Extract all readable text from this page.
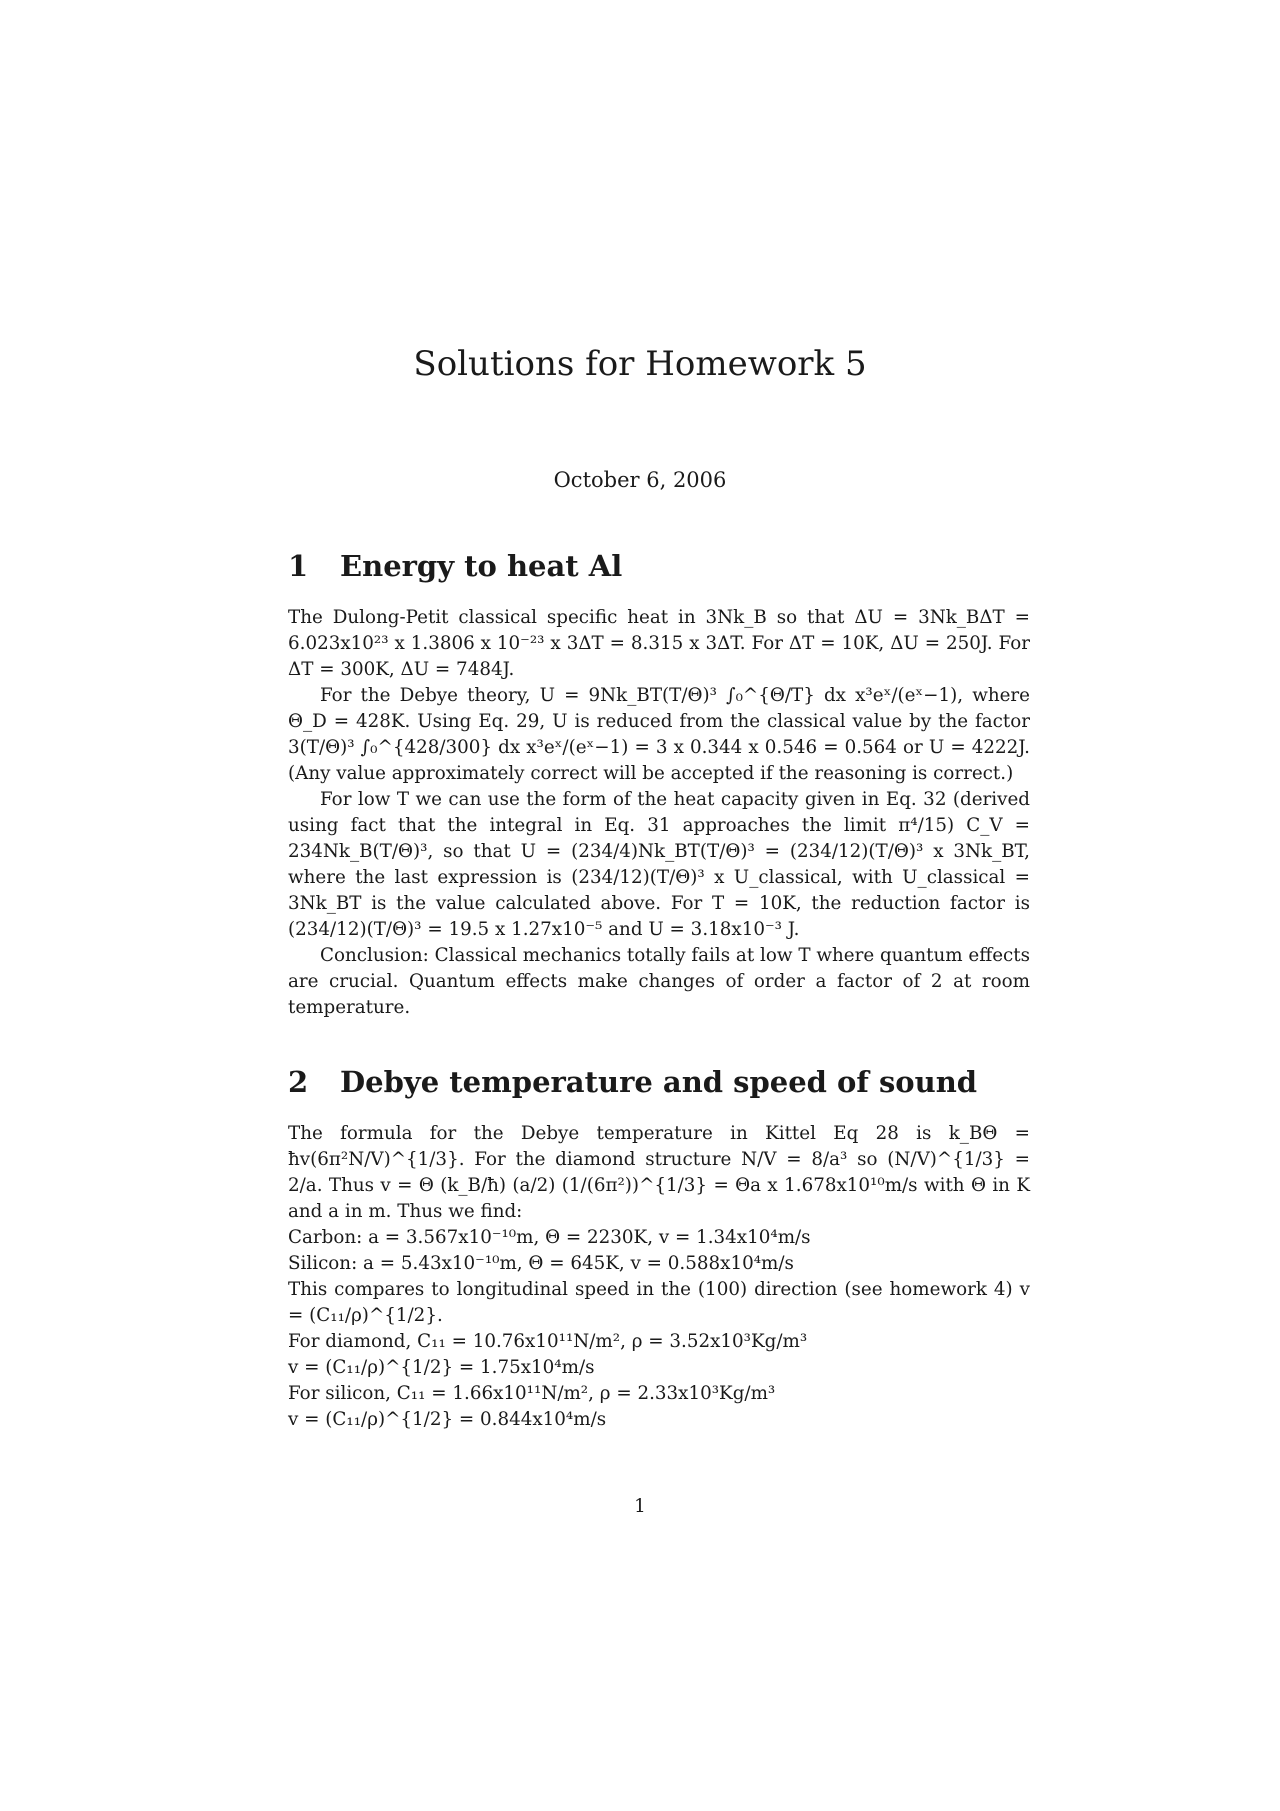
Solutions for Homework 5
October 6, 2006
1	Energy to heat Al

The Dulong-Petit classical specific heat in 3Nk_B so that ΔU = 3Nk_BΔT = 6.023x10²³ x 1.3806 x 10⁻²³ x 3ΔT = 8.315 x 3ΔT. For ΔT = 10K, ΔU = 250J. For ΔT = 300K, ΔU = 7484J.

For the Debye theory, U = 9Nk_BT(T/Θ)³ ∫₀^{Θ/T} dx x³eˣ/(eˣ−1), where Θ_D = 428K. Using Eq. 29, U is reduced from the classical value by the factor 3(T/Θ)³ ∫₀^{428/300} dx x³eˣ/(eˣ−1) = 3 x 0.344 x 0.546 = 0.564 or U = 4222J. (Any value approximately correct will be accepted if the reasoning is correct.)

For low T we can use the form of the heat capacity given in Eq. 32 (derived using fact that the integral in Eq. 31 approaches the limit π⁴/15) C_V = 234Nk_B(T/Θ)³, so that U = (234/4)Nk_BT(T/Θ)³ = (234/12)(T/Θ)³ x 3Nk_BT, where the last expression is (234/12)(T/Θ)³ x U_classical, with U_classical = 3Nk_BT is the value calculated above. For T = 10K, the reduction factor is (234/12)(T/Θ)³ = 19.5 x 1.27x10⁻⁵ and U = 3.18x10⁻³ J.

Conclusion: Classical mechanics totally fails at low T where quantum effects are crucial. Quantum effects make changes of order a factor of 2 at room temperature.

2	Debye temperature and speed of sound

The formula for the Debye temperature in Kittel Eq 28 is k_BΘ = ħv(6π²N/V)^{1/3}. For the diamond structure N/V = 8/a³ so (N/V)^{1/3} = 2/a. Thus v = Θ (k_B/ħ) (a/2) (1/(6π²))^{1/3} = Θa x 1.678x10¹⁰m/s with Θ in K and a in m. Thus we find:

Carbon: a = 3.567x10⁻¹⁰m, Θ = 2230K, v = 1.34x10⁴m/s
Silicon: a = 5.43x10⁻¹⁰m, Θ = 645K, v = 0.588x10⁴m/s
This compares to longitudinal speed in the (100) direction (see homework 4) v = (C₁₁/ρ)^{1/2}.
For diamond, C₁₁ = 10.76x10¹¹N/m², ρ = 3.52x10³Kg/m³
v = (C₁₁/ρ)^{1/2} = 1.75x10⁴m/s
For silicon, C₁₁ = 1.66x10¹¹N/m², ρ = 2.33x10³Kg/m³
v = (C₁₁/ρ)^{1/2} = 0.844x10⁴m/s
1
